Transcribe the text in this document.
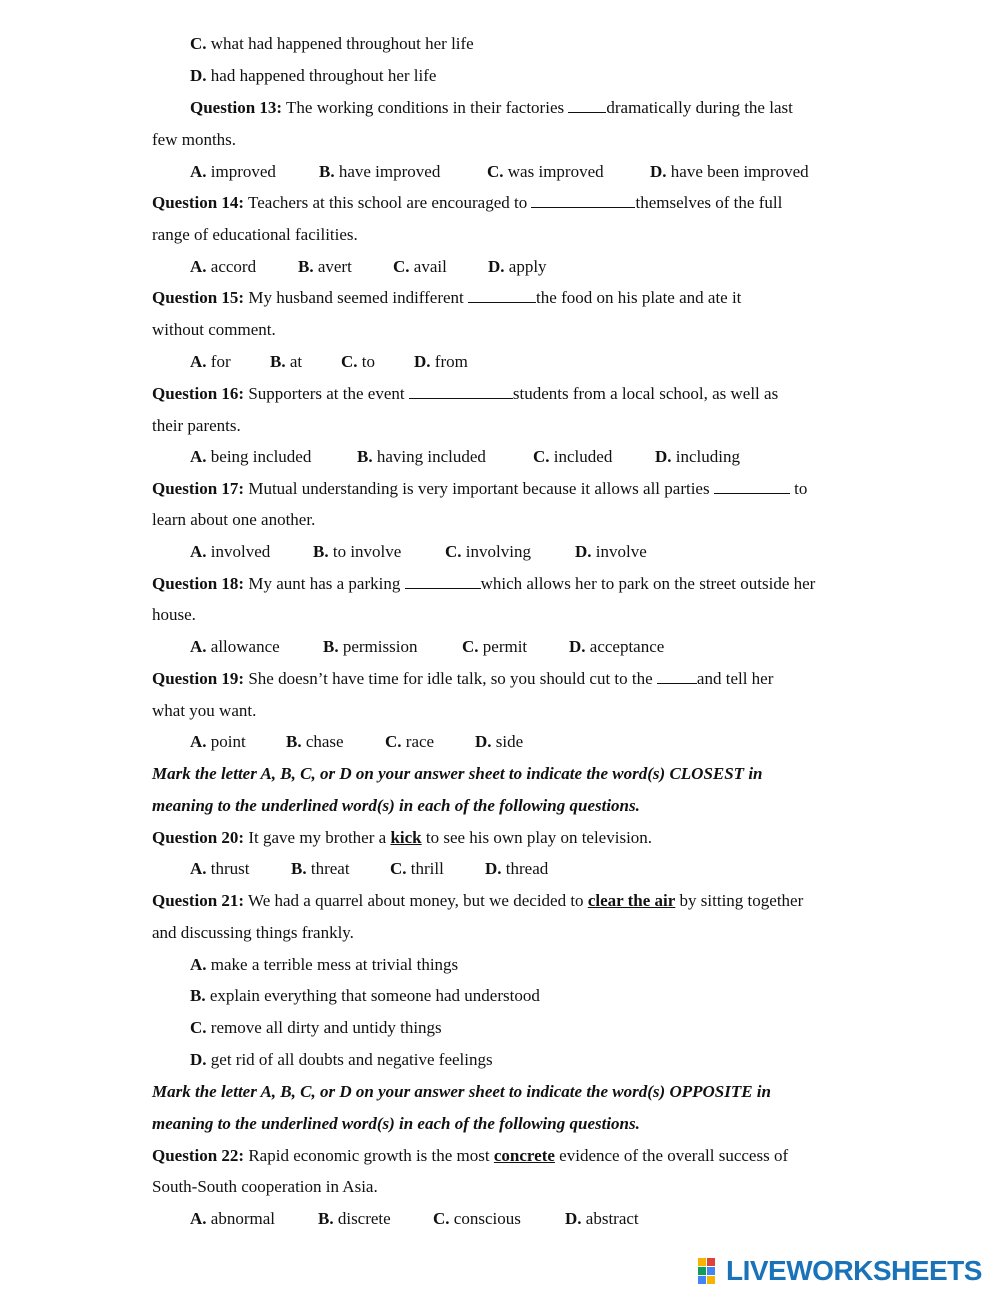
C. what had happened throughout her life
D. had happened throughout her life
Question 13: The working conditions in their factories dramatically during the last
few months.
A. improved	B. have improved	C. was improved	D. have been improved
Question 14: Teachers at this school are encouraged to	themselves of the full
range of educational facilities.
A. accord B. avert C. avail D. apply
Question 15: My husband seemed indifferent	the food on his plate and ate it
without comment.
A. for B. at C. to D. from
Question 16: Supporters at the event	students from a local school, as well as
their parents.
A. being included	B. having included	C. included	D. including
Question 17: Mutual understanding is very important because it allows all parties	to
learn about one another.
A. involved	B. to involve	C. involving	D. involve
Question 18: My aunt has a parking	which allows her to park on the street outside her
house.
A. allowance	B. permission	C. permit D. acceptance
Question 19: She doesn’t have time for idle talk, so you should cut to the and tell her
what you want.
A. point B. chase C. race D. side
Mark the letter A, B, C, or D on your answer sheet to indicate the word(s) CLOSEST in
meaning to the underlined word(s) in each of the following questions.
Question 20: It gave my brother a kick to see his own play on television.
A. thrust B. threat C. thrill D. thread
Question 21: We had a quarrel about money, but we decided to clear the air by sitting together
and discussing things frankly.
A. make a terrible mess at trivial things
B. explain everything that someone had understood
C. remove all dirty and untidy things
D. get rid of all doubts and negative feelings
Mark the letter A, B, C, or D on your answer sheet to indicate the word(s) OPPOSITE in
meaning to the underlined word(s) in each of the following questions.
Question 22: Rapid economic growth is the most concrete evidence of the overall success of
South-South cooperation in Asia.
A. abnormal	B. discrete C. conscious	D. abstract
LIVEWORKSHEETS
